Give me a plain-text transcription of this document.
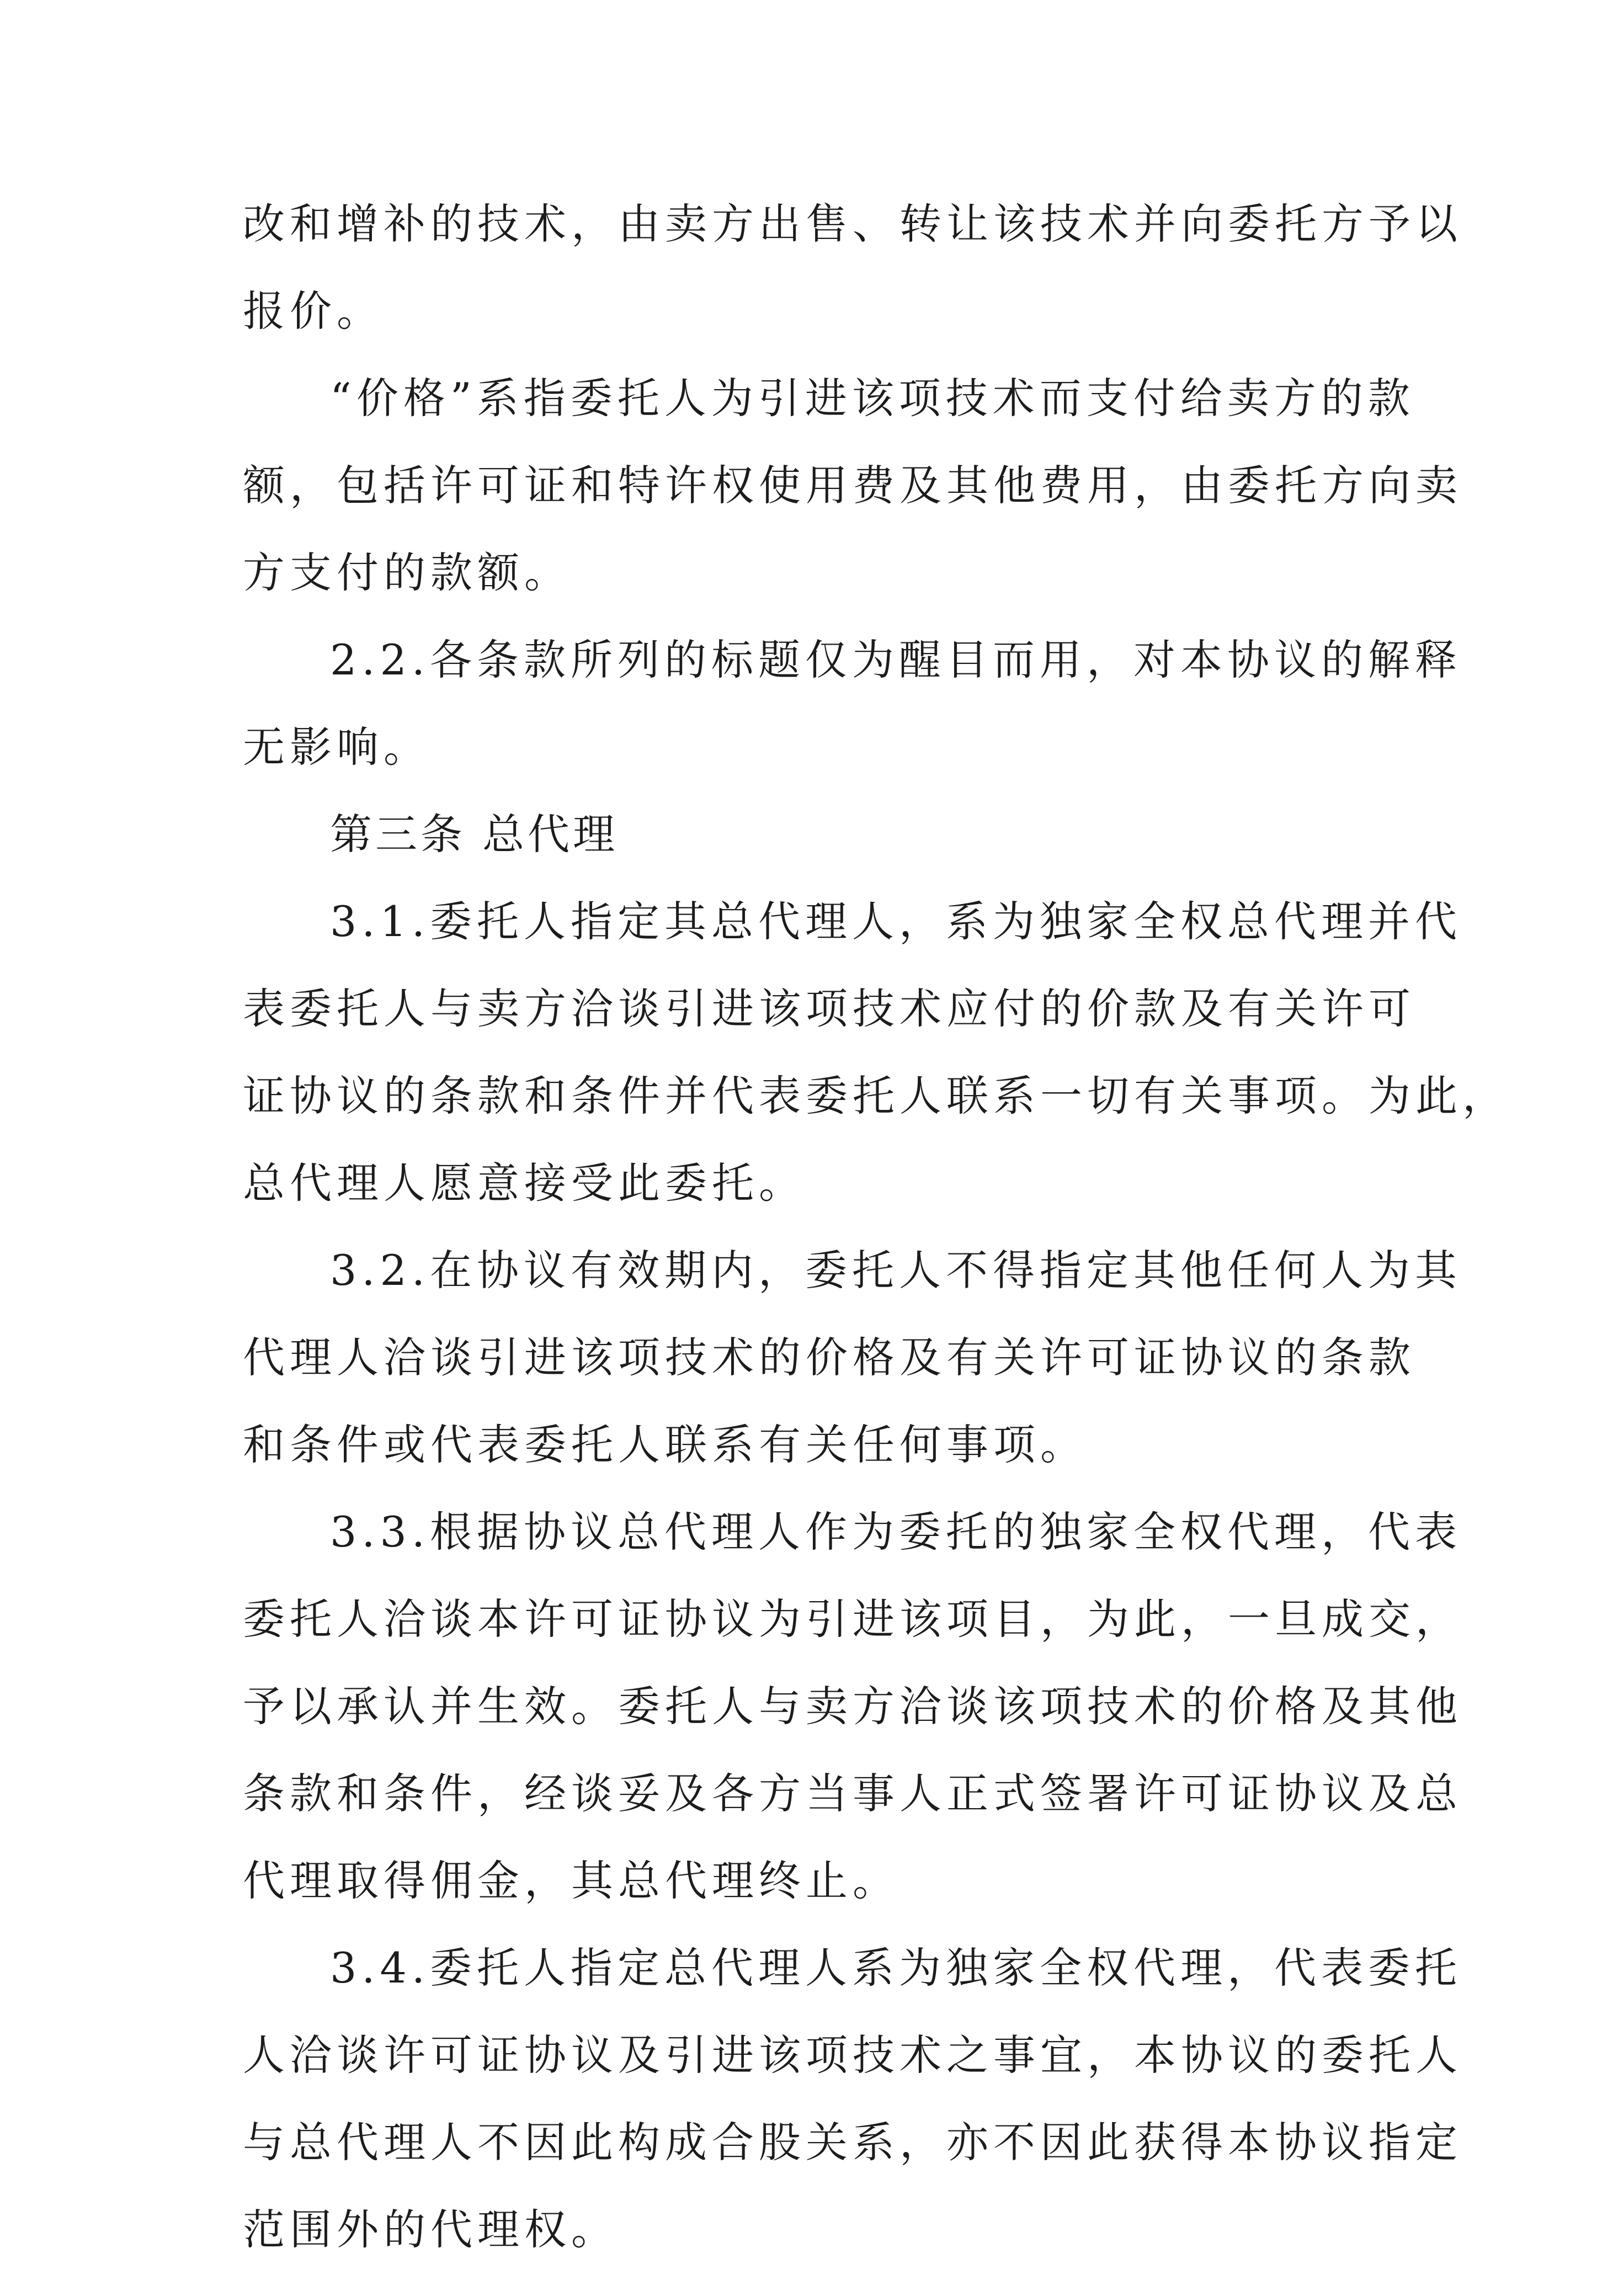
改和增补的技术，由卖方出售、转让该技术并向委托方予以
报价。
“价格”系指委托人为引进该项技术而支付给卖方的款
额，包括许可证和特许权使用费及其他费用，由委托方向卖
方支付的款额。
2.2.各条款所列的标题仅为醒目而用，对本协议的解释
无影响。
第三条 总代理
3.1.委托人指定其总代理人，系为独家全权总代理并代
表委托人与卖方洽谈引进该项技术应付的价款及有关许可
证协议的条款和条件并代表委托人联系一切有关事项。为此，
总代理人愿意接受此委托。
3.2.在协议有效期内，委托人不得指定其他任何人为其
代理人洽谈引进该项技术的价格及有关许可证协议的条款
和条件或代表委托人联系有关任何事项。
3.3.根据协议总代理人作为委托的独家全权代理，代表
委托人洽谈本许可证协议为引进该项目，为此，一旦成交，
予以承认并生效。委托人与卖方洽谈该项技术的价格及其他
条款和条件，经谈妥及各方当事人正式签署许可证协议及总
代理取得佣金，其总代理终止。
3.4.委托人指定总代理人系为独家全权代理，代表委托
人洽谈许可证协议及引进该项技术之事宜，本协议的委托人
与总代理人不因此构成合股关系，亦不因此获得本协议指定
范围外的代理权。
